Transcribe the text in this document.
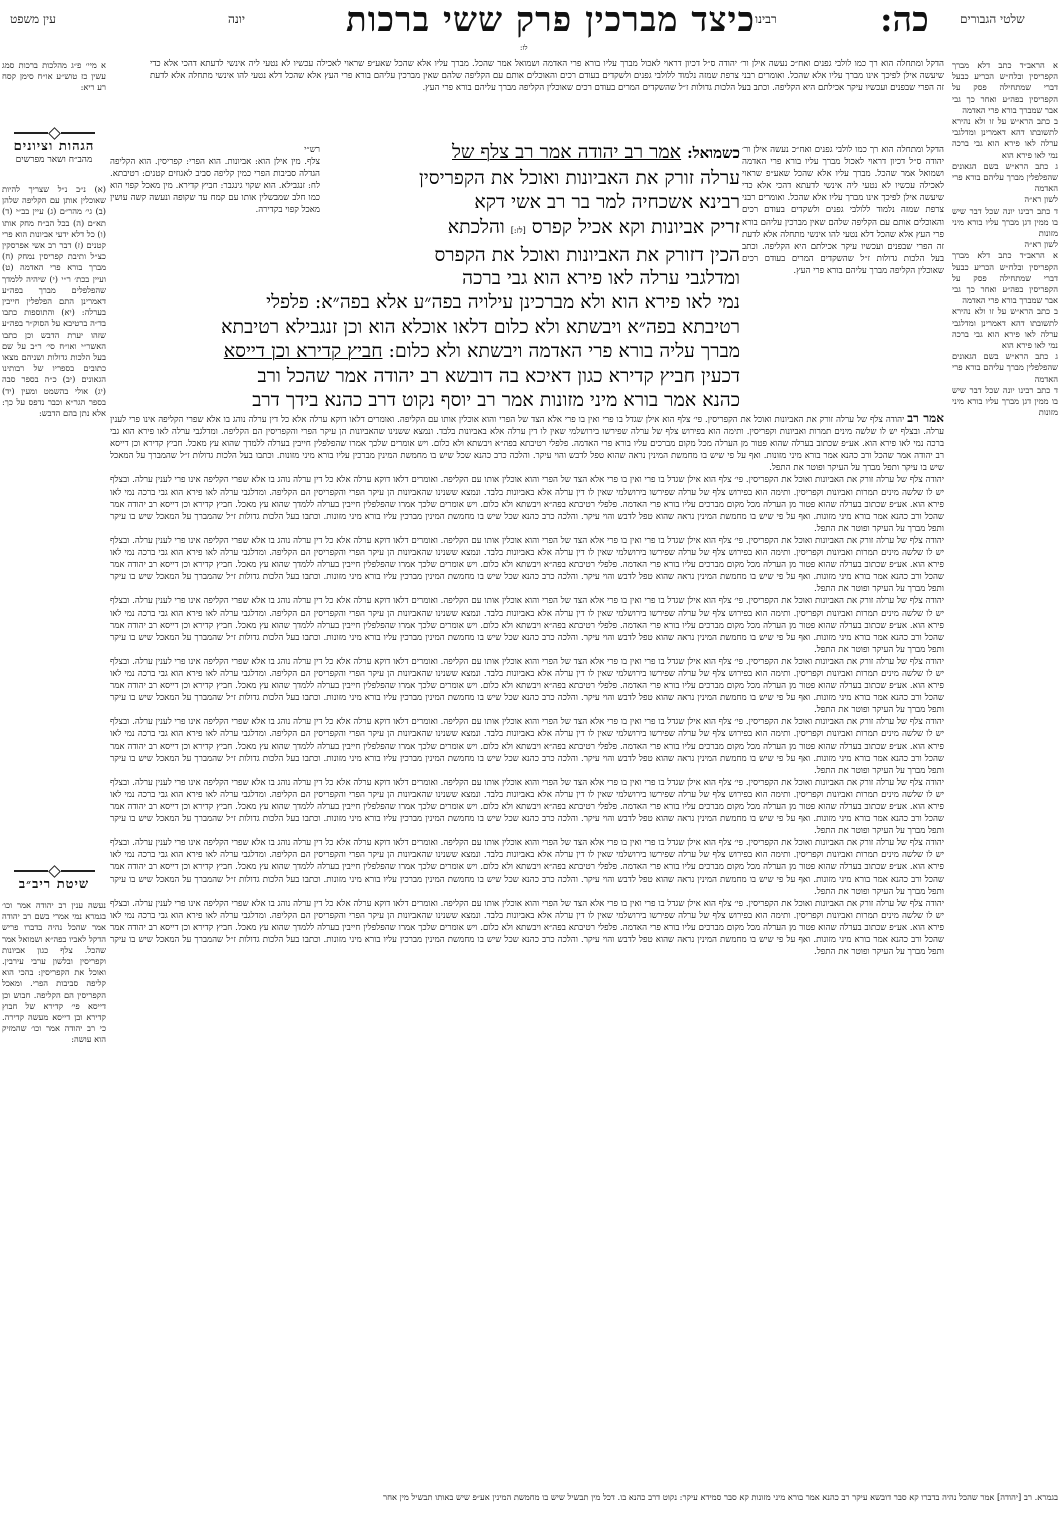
עין משפט	יונה	כיצד מברכין פרק ששי ברכות רבינו	כה:	שלטי הגבורים
לז:

א מיי׳ פ״ג מהלכות ברכות סמג עשין כז טוש״ע או״ח סימן קסח רע ריא:

הגהות וציונים
מהב״ח ושאר מפרשים

(א) נ״ב נ״ל שצריך להיות שאוכלין אותן עם הקליפה שלהן (ב) גי׳ מהר״ם (ג) עיין בב״י (ד) תא״ם (ה) בכל הב״ח מחק אותו (ו) כל דלא ידעי אביונות הוא פרי קטנים (ז) דבר רב אשי אפרסקין כצ״ל ותיבת קפריסין נמחק (ח) מברך בורא פרי האדמה (ט) ועיין בכת׳ ר״י (י) שיהיה ללמדך שהפלפלים מברך בפה״ע דאמרינן התם הפלפלין חייבין בערלה: (יא) והתוספות כתבו בד״ה ברטיבא על הסוק״ר בפה״ע שזהו יערת הדבש וכן כתבו האשר״י ואו״ח סי׳ ר״ב על שם בעל הלכות גדולות ושניהם מצאו כתובים בספריו של רבותינו הגאונים (יב) כ״ה בספר סבה (יג) אולי בהשמט ומעין (יד) בספר הגר״א וכבר נדפס על כך: אלא נתן בהם הדבש:

שיטת ריב״ב

נעשה ענין רב יהודה אמר וכו׳ בגמרא נמי אמרי בשם רב יהודה אמר שהכל נהיה בדברו פריש הדקל לאביו בפה״א ושמואל אמר שהכל. צלף כגון אביונות וקפריסין ובלשון ערבי עירבין. ואוכל את הקפריסין: בהכי הוא קליפה סביבות הפרי. ומאכל הקפריסין הם הקליפה. חבוש וכן דייסא פי׳ קדירא של חבוץ קדירא ובן דייסא מעשה קדירה. כי רב יהודה אמר וכו׳ שהמזיק הוא עושה:

הדקל ומתחלה הוא רך כמו לולבי גפנים ואח״כ נעשה אילן ור׳ יהודה ס״ל דכיון דראוי לאכול מברך עליו בורא פרי האדמה ושמואל אמר שהכל. מברך עליו אלא שהכל שאע״פ שראוי לאכילה עכשיו לא נטעי ליה אינשי לדעתא דהכי אלא כדי שיעשה אילן לפיכך אינו מברך עליו אלא שהכל. ואומרים רבני צרפת שמזה נלמוד ללולבי גפנים ולשקדים בעודם רכים והאוכלים אותם עם הקליפה שלהם שאין מברכין עליהם בורא פרי העץ אלא שהכל דלא נטעי להו אינשי מתחלה אלא לדעת זה הפרי שבפנים ועכשיו עיקר אכילתם היא הקליפה. וכתב בעל הלכות גדולות ז״ל שהשקדים המרים בעודם רכים שאוכלין הקליפה מברך עליהם בורא פרי העץ.

רש״י

צלף. מין אילן הוא: אביונות. הוא הפרי: קפריסין. הוא הקליפה הגדלה סביבות הפרי כמין קליפה סביב לאגוזים קטנים: רטיבתא. לח: זנגבילא. הוא שקוי גינגבר: חביץ קדירא. מין מאכל קפוי הוא כמו חלב שמבשלין אותו עם קמח עד שקופה ונעשה קשה עושין מאכל קפוי בקדירה.

כשמואל: אמר רב יהודה אמר רב צלף של

ערלה זורק את האביונות ואוכל את הקפריסין

רבינא אשכחיה למר בר רב אשי דקא

זריק אביונות וקא אכיל קפרס [לז:] והלכתא

הכין דזורק את האביונות ואוכל את הקפרס

ומדלגבי ערלה לאו פירא הוא גבי ברכה

נמי לאו פירא הוא ולא מברכינן עילויה בפה״ע אלא בפה״א: פלפלי

רטיבתא בפה״א ויבשתא ולא כלום דלאו אוכלא הוא וכן זנגבילא רטיבתא

מברך עליה בורא פרי האדמה ויבשתא ולא כלום: חביץ קדירא וכן דייסא

דכעין חביץ קדירא כגון דאיכא בה דובשא רב יהודה אמר שהכל ורב

כהנא אמר בורא מיני מזונות אמר רב יוסף נקוט דרב כהנא בידך דרב

הדקל ומתחלה הוא רך כמו לולבי גפנים ואח״כ נעשה אילן ור׳ יהודה ס״ל דכיון דראוי לאכול מברך עליו בורא פרי האדמה ושמואל אמר שהכל. מברך עליו אלא שהכל שאע״פ שראוי לאכילה עכשיו לא נטעי ליה אינשי לדעתא דהכי אלא כדי שיעשה אילן לפיכך אינו מברך עליו אלא שהכל. ואומרים רבני צרפת שמזה נלמוד ללולבי גפנים ולשקדים בעודם רכים והאוכלים אותם עם הקליפה שלהם שאין מברכין עליהם בורא פרי העץ אלא שהכל דלא נטעי להו אינשי מתחלה אלא לדעת זה הפרי שבפנים ועכשיו עיקר אכילתם היא הקליפה. וכתב בעל הלכות גדולות ז״ל שהשקדים המרים בעודם רכים שאוכלין הקליפה מברך עליהם בורא פרי העץ.

אמר רב יהודה צלף של ערלה זורק את האביונות ואוכל את הקפריסין. פי׳ צלף הוא אילן שגדל בו פרי ואין בו פרי אלא הצד של הפרי והוא אוכלין אותו עם הקליפה. ואומרים דלאו דוקא ערלה אלא כל דין ערלה נוהג בו אלא שפרי הקליפה אינו פרי לענין ערלה. ובצלף יש לו שלשה מינים תמרות ואביונות וקפריסין. ותימה הוא בפירוש צלף של ערלה שפירשו בירושלמי שאין לו דין ערלה אלא באביונות בלבד. ונמצא ששנינו שהאביונות הן עיקר הפרי והקפריסין הם הקליפה. ומדלגבי ערלה לאו פירא הוא גבי ברכה נמי לאו פירא הוא. אע״פ שכתוב בערלה שהוא פטור מן הערלה מכל מקום מברכים עליו בורא פרי האדמה. פלפלי רטיבתא בפה״א ויבשתא ולא כלום. ויש אומרים שלכך אמרו שהפלפלין חייבין בערלה ללמדך שהוא עץ מאכל. חביץ קדירא וכן דייסא רב יהודה אמר שהכל ורב כהנא אמר בורא מיני מזונות. ואף על פי שיש בו מחמשת המינין נראה שהוא טפל לדבש והוי עיקר. והלכה כרב כהנא שכל שיש בו מחמשת המינין מברכין עליו בורא מיני מזונות. וכתבו בעל הלכות גדולות ז״ל שהמברך על המאכל שיש בו עיקר ותפל מברך על העיקר ופוטר את התפל.

יהודה צלף של ערלה זורק את האביונות ואוכל את הקפריסין. פי׳ צלף הוא אילן שגדל בו פרי ואין בו פרי אלא הצד של הפרי והוא אוכלין אותו עם הקליפה. ואומרים דלאו דוקא ערלה אלא כל דין ערלה נוהג בו אלא שפרי הקליפה אינו פרי לענין ערלה. ובצלף יש לו שלשה מינים תמרות ואביונות וקפריסין. ותימה הוא בפירוש צלף של ערלה שפירשו בירושלמי שאין לו דין ערלה אלא באביונות בלבד. ונמצא ששנינו שהאביונות הן עיקר הפרי והקפריסין הם הקליפה. ומדלגבי ערלה לאו פירא הוא גבי ברכה נמי לאו פירא הוא. אע״פ שכתוב בערלה שהוא פטור מן הערלה מכל מקום מברכים עליו בורא פרי האדמה. פלפלי רטיבתא בפה״א ויבשתא ולא כלום. ויש אומרים שלכך אמרו שהפלפלין חייבין בערלה ללמדך שהוא עץ מאכל. חביץ קדירא וכן דייסא רב יהודה אמר שהכל ורב כהנא אמר בורא מיני מזונות. ואף על פי שיש בו מחמשת המינין נראה שהוא טפל לדבש והוי עיקר. והלכה כרב כהנא שכל שיש בו מחמשת המינין מברכין עליו בורא מיני מזונות. וכתבו בעל הלכות גדולות ז״ל שהמברך על המאכל שיש בו עיקר ותפל מברך על העיקר ופוטר את התפל.

יהודה צלף של ערלה זורק את האביונות ואוכל את הקפריסין. פי׳ צלף הוא אילן שגדל בו פרי ואין בו פרי אלא הצד של הפרי והוא אוכלין אותו עם הקליפה. ואומרים דלאו דוקא ערלה אלא כל דין ערלה נוהג בו אלא שפרי הקליפה אינו פרי לענין ערלה. ובצלף יש לו שלשה מינים תמרות ואביונות וקפריסין. ותימה הוא בפירוש צלף של ערלה שפירשו בירושלמי שאין לו דין ערלה אלא באביונות בלבד. ונמצא ששנינו שהאביונות הן עיקר הפרי והקפריסין הם הקליפה. ומדלגבי ערלה לאו פירא הוא גבי ברכה נמי לאו פירא הוא. אע״פ שכתוב בערלה שהוא פטור מן הערלה מכל מקום מברכים עליו בורא פרי האדמה. פלפלי רטיבתא בפה״א ויבשתא ולא כלום. ויש אומרים שלכך אמרו שהפלפלין חייבין בערלה ללמדך שהוא עץ מאכל. חביץ קדירא וכן דייסא רב יהודה אמר שהכל ורב כהנא אמר בורא מיני מזונות. ואף על פי שיש בו מחמשת המינין נראה שהוא טפל לדבש והוי עיקר. והלכה כרב כהנא שכל שיש בו מחמשת המינין מברכין עליו בורא מיני מזונות. וכתבו בעל הלכות גדולות ז״ל שהמברך על המאכל שיש בו עיקר ותפל מברך על העיקר ופוטר את התפל.

יהודה צלף של ערלה זורק את האביונות ואוכל את הקפריסין. פי׳ צלף הוא אילן שגדל בו פרי ואין בו פרי אלא הצד של הפרי והוא אוכלין אותו עם הקליפה. ואומרים דלאו דוקא ערלה אלא כל דין ערלה נוהג בו אלא שפרי הקליפה אינו פרי לענין ערלה. ובצלף יש לו שלשה מינים תמרות ואביונות וקפריסין. ותימה הוא בפירוש צלף של ערלה שפירשו בירושלמי שאין לו דין ערלה אלא באביונות בלבד. ונמצא ששנינו שהאביונות הן עיקר הפרי והקפריסין הם הקליפה. ומדלגבי ערלה לאו פירא הוא גבי ברכה נמי לאו פירא הוא. אע״פ שכתוב בערלה שהוא פטור מן הערלה מכל מקום מברכים עליו בורא פרי האדמה. פלפלי רטיבתא בפה״א ויבשתא ולא כלום. ויש אומרים שלכך אמרו שהפלפלין חייבין בערלה ללמדך שהוא עץ מאכל. חביץ קדירא וכן דייסא רב יהודה אמר שהכל ורב כהנא אמר בורא מיני מזונות. ואף על פי שיש בו מחמשת המינין נראה שהוא טפל לדבש והוי עיקר. והלכה כרב כהנא שכל שיש בו מחמשת המינין מברכין עליו בורא מיני מזונות. וכתבו בעל הלכות גדולות ז״ל שהמברך על המאכל שיש בו עיקר ותפל מברך על העיקר ופוטר את התפל.

יהודה צלף של ערלה זורק את האביונות ואוכל את הקפריסין. פי׳ צלף הוא אילן שגדל בו פרי ואין בו פרי אלא הצד של הפרי והוא אוכלין אותו עם הקליפה. ואומרים דלאו דוקא ערלה אלא כל דין ערלה נוהג בו אלא שפרי הקליפה אינו פרי לענין ערלה. ובצלף יש לו שלשה מינים תמרות ואביונות וקפריסין. ותימה הוא בפירוש צלף של ערלה שפירשו בירושלמי שאין לו דין ערלה אלא באביונות בלבד. ונמצא ששנינו שהאביונות הן עיקר הפרי והקפריסין הם הקליפה. ומדלגבי ערלה לאו פירא הוא גבי ברכה נמי לאו פירא הוא. אע״פ שכתוב בערלה שהוא פטור מן הערלה מכל מקום מברכים עליו בורא פרי האדמה. פלפלי רטיבתא בפה״א ויבשתא ולא כלום. ויש אומרים שלכך אמרו שהפלפלין חייבין בערלה ללמדך שהוא עץ מאכל. חביץ קדירא וכן דייסא רב יהודה אמר שהכל ורב כהנא אמר בורא מיני מזונות. ואף על פי שיש בו מחמשת המינין נראה שהוא טפל לדבש והוי עיקר. והלכה כרב כהנא שכל שיש בו מחמשת המינין מברכין עליו בורא מיני מזונות. וכתבו בעל הלכות גדולות ז״ל שהמברך על המאכל שיש בו עיקר ותפל מברך על העיקר ופוטר את התפל.

יהודה צלף של ערלה זורק את האביונות ואוכל את הקפריסין. פי׳ צלף הוא אילן שגדל בו פרי ואין בו פרי אלא הצד של הפרי והוא אוכלין אותו עם הקליפה. ואומרים דלאו דוקא ערלה אלא כל דין ערלה נוהג בו אלא שפרי הקליפה אינו פרי לענין ערלה. ובצלף יש לו שלשה מינים תמרות ואביונות וקפריסין. ותימה הוא בפירוש צלף של ערלה שפירשו בירושלמי שאין לו דין ערלה אלא באביונות בלבד. ונמצא ששנינו שהאביונות הן עיקר הפרי והקפריסין הם הקליפה. ומדלגבי ערלה לאו פירא הוא גבי ברכה נמי לאו פירא הוא. אע״פ שכתוב בערלה שהוא פטור מן הערלה מכל מקום מברכים עליו בורא פרי האדמה. פלפלי רטיבתא בפה״א ויבשתא ולא כלום. ויש אומרים שלכך אמרו שהפלפלין חייבין בערלה ללמדך שהוא עץ מאכל. חביץ קדירא וכן דייסא רב יהודה אמר שהכל ורב כהנא אמר בורא מיני מזונות. ואף על פי שיש בו מחמשת המינין נראה שהוא טפל לדבש והוי עיקר. והלכה כרב כהנא שכל שיש בו מחמשת המינין מברכין עליו בורא מיני מזונות. וכתבו בעל הלכות גדולות ז״ל שהמברך על המאכל שיש בו עיקר ותפל מברך על העיקר ופוטר את התפל.

יהודה צלף של ערלה זורק את האביונות ואוכל את הקפריסין. פי׳ צלף הוא אילן שגדל בו פרי ואין בו פרי אלא הצד של הפרי והוא אוכלין אותו עם הקליפה. ואומרים דלאו דוקא ערלה אלא כל דין ערלה נוהג בו אלא שפרי הקליפה אינו פרי לענין ערלה. ובצלף יש לו שלשה מינים תמרות ואביונות וקפריסין. ותימה הוא בפירוש צלף של ערלה שפירשו בירושלמי שאין לו דין ערלה אלא באביונות בלבד. ונמצא ששנינו שהאביונות הן עיקר הפרי והקפריסין הם הקליפה. ומדלגבי ערלה לאו פירא הוא גבי ברכה נמי לאו פירא הוא. אע״פ שכתוב בערלה שהוא פטור מן הערלה מכל מקום מברכים עליו בורא פרי האדמה. פלפלי רטיבתא בפה״א ויבשתא ולא כלום. ויש אומרים שלכך אמרו שהפלפלין חייבין בערלה ללמדך שהוא עץ מאכל. חביץ קדירא וכן דייסא רב יהודה אמר שהכל ורב כהנא אמר בורא מיני מזונות. ואף על פי שיש בו מחמשת המינין נראה שהוא טפל לדבש והוי עיקר. והלכה כרב כהנא שכל שיש בו מחמשת המינין מברכין עליו בורא מיני מזונות. וכתבו בעל הלכות גדולות ז״ל שהמברך על המאכל שיש בו עיקר ותפל מברך על העיקר ופוטר את התפל.

יהודה צלף של ערלה זורק את האביונות ואוכל את הקפריסין. פי׳ צלף הוא אילן שגדל בו פרי ואין בו פרי אלא הצד של הפרי והוא אוכלין אותו עם הקליפה. ואומרים דלאו דוקא ערלה אלא כל דין ערלה נוהג בו אלא שפרי הקליפה אינו פרי לענין ערלה. ובצלף יש לו שלשה מינים תמרות ואביונות וקפריסין. ותימה הוא בפירוש צלף של ערלה שפירשו בירושלמי שאין לו דין ערלה אלא באביונות בלבד. ונמצא ששנינו שהאביונות הן עיקר הפרי והקפריסין הם הקליפה. ומדלגבי ערלה לאו פירא הוא גבי ברכה נמי לאו פירא הוא. אע״פ שכתוב בערלה שהוא פטור מן הערלה מכל מקום מברכים עליו בורא פרי האדמה. פלפלי רטיבתא בפה״א ויבשתא ולא כלום. ויש אומרים שלכך אמרו שהפלפלין חייבין בערלה ללמדך שהוא עץ מאכל. חביץ קדירא וכן דייסא רב יהודה אמר שהכל ורב כהנא אמר בורא מיני מזונות. ואף על פי שיש בו מחמשת המינין נראה שהוא טפל לדבש והוי עיקר. והלכה כרב כהנא שכל שיש בו מחמשת המינין מברכין עליו בורא מיני מזונות. וכתבו בעל הלכות גדולות ז״ל שהמברך על המאכל שיש בו עיקר ותפל מברך על העיקר ופוטר את התפל.

יהודה צלף של ערלה זורק את האביונות ואוכל את הקפריסין. פי׳ צלף הוא אילן שגדל בו פרי ואין בו פרי אלא הצד של הפרי והוא אוכלין אותו עם הקליפה. ואומרים דלאו דוקא ערלה אלא כל דין ערלה נוהג בו אלא שפרי הקליפה אינו פרי לענין ערלה. ובצלף יש לו שלשה מינים תמרות ואביונות וקפריסין. ותימה הוא בפירוש צלף של ערלה שפירשו בירושלמי שאין לו דין ערלה אלא באביונות בלבד. ונמצא ששנינו שהאביונות הן עיקר הפרי והקפריסין הם הקליפה. ומדלגבי ערלה לאו פירא הוא גבי ברכה נמי לאו פירא הוא. אע״פ שכתוב בערלה שהוא פטור מן הערלה מכל מקום מברכים עליו בורא פרי האדמה. פלפלי רטיבתא בפה״א ויבשתא ולא כלום. ויש אומרים שלכך אמרו שהפלפלין חייבין בערלה ללמדך שהוא עץ מאכל. חביץ קדירא וכן דייסא רב יהודה אמר שהכל ורב כהנא אמר בורא מיני מזונות. ואף על פי שיש בו מחמשת המינין נראה שהוא טפל לדבש והוי עיקר. והלכה כרב כהנא שכל שיש בו מחמשת המינין מברכין עליו בורא מיני מזונות. וכתבו בעל הלכות גדולות ז״ל שהמברך על המאכל שיש בו עיקר ותפל מברך על העיקר ופוטר את התפל.

א הראב״ד כתב דלא מברך הקפריסין ובלח״ש הכריע כבעל דברי שמתחילה פסק על הקפריסין בפה״ע ואחר כך גבי אבר שמברך בורא פרי האדמה

ב כתב הרא״ש על זו ולא נהירא לתשובתו דהא דאמרינן ומדלגבי ערלה לאו פירא הוא גבי ברכה נמי לאו פירא הוא

ג כתב הרא״ש בשם הגאונים שהפלפלין מברך עליהם בורא פרי האדמה

לשון רא״ה

ד כתב רבינו יונה שכל דבר שיש בו ממין דגן מברך עליו בורא מיני מזונות

לשון רא״ה

א הראב״ד כתב דלא מברך הקפריסין ובלח״ש הכריע כבעל דברי שמתחילה פסק על הקפריסין בפה״ע ואחר כך גבי אבר שמברך בורא פרי האדמה

ב כתב הרא״ש על זו ולא נהירא לתשובתו דהא דאמרינן ומדלגבי ערלה לאו פירא הוא גבי ברכה נמי לאו פירא הוא

ג כתב הרא״ש בשם הגאונים שהפלפלין מברך עליהם בורא פרי האדמה

ד כתב רבינו יונה שכל דבר שיש בו ממין דגן מברך עליו בורא מיני מזונות

בגמרא. רב [יהודה] אמר שהכל נהיה בדברו קא סבר דובשא עיקר רב כהנא אמר בורא מיני מזונות קא סבר סמידא עיקר: נקוט דרב כהנא בו. דכל מין תבשיל שיש בו מחמשת המינין אע״פ שיש באותו תבשיל מין אחר
